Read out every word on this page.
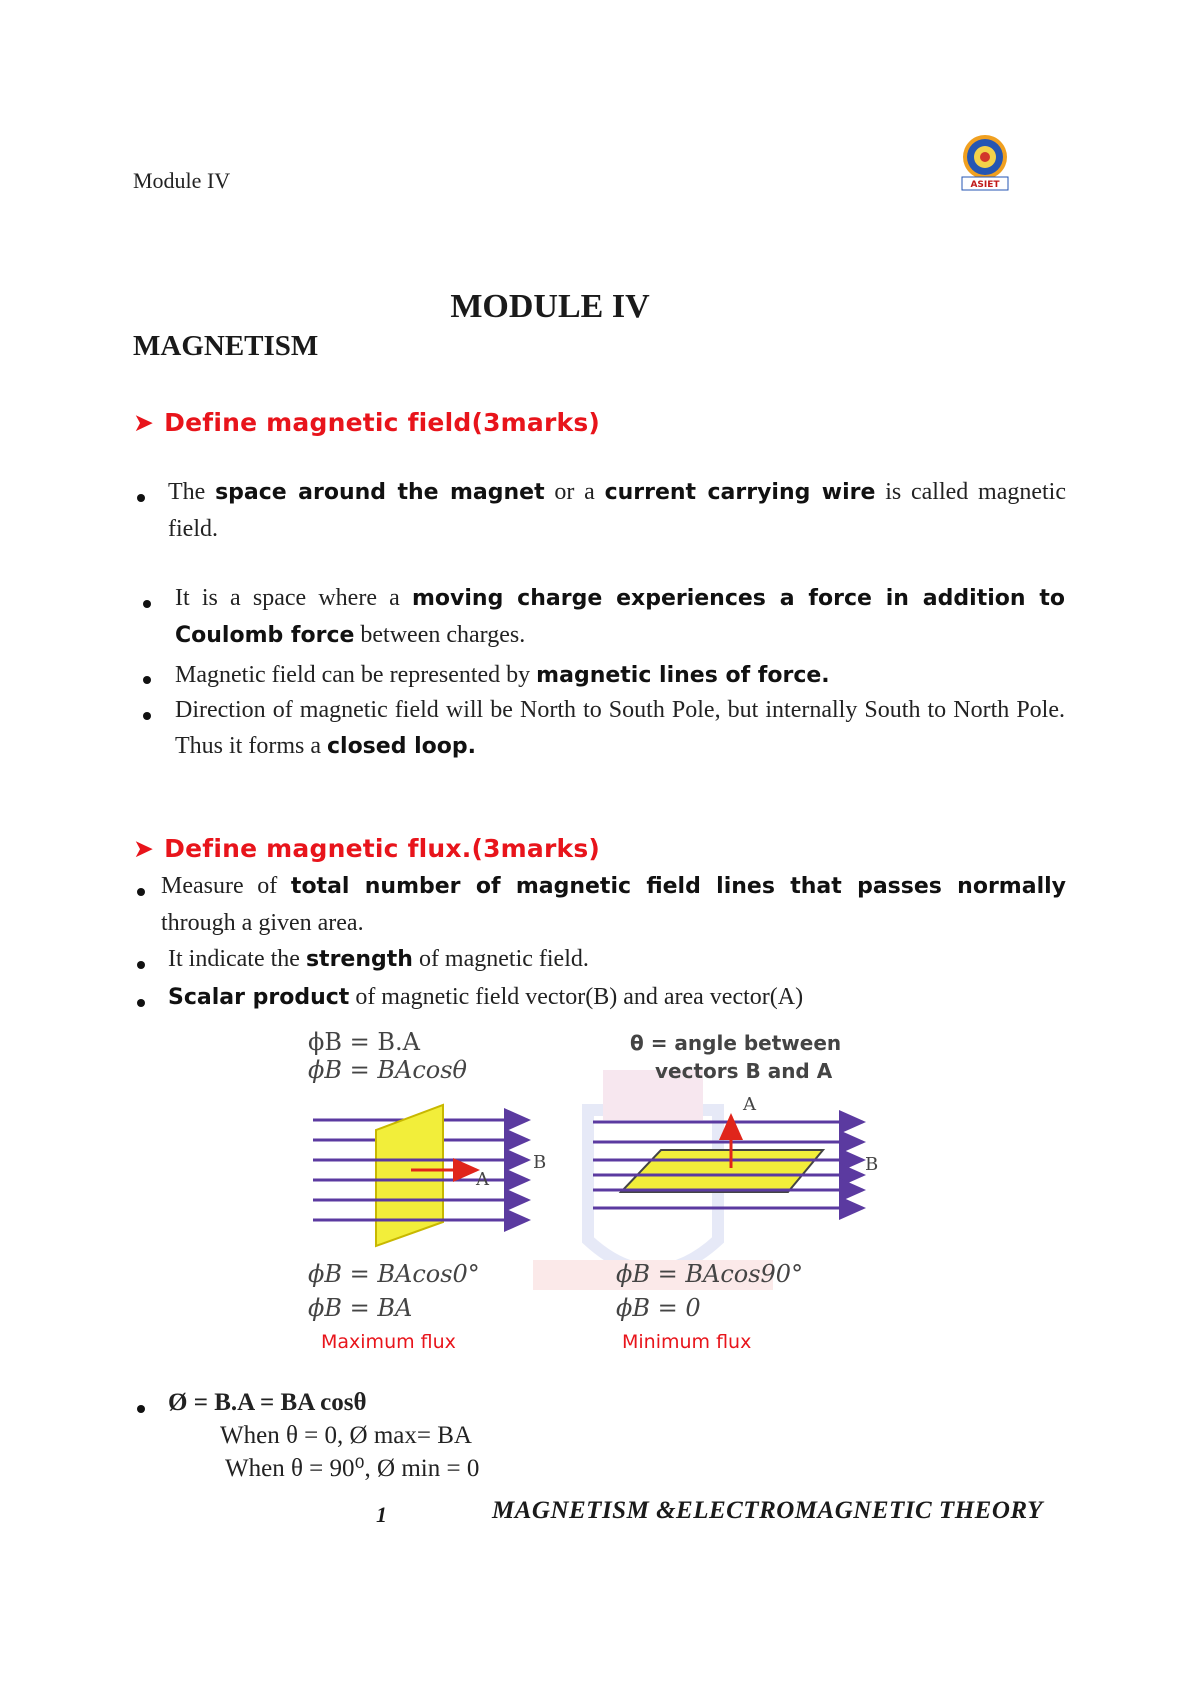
Module IV	ASIET
MODULE IV
MAGNETISM
➤ Define magnetic field(3marks)
The space around the magnet or a current carrying wire is called magnetic field.
It is a space where a moving charge experiences a force in addition to Coulomb force between charges.
Magnetic field can be represented by magnetic lines of force.
Direction of magnetic field will be North to South Pole, but internally South to North Pole. Thus it forms a closed loop.
➤ Define magnetic flux.(3marks)
Measure of total number of magnetic field lines that passes normally through a given area.
It indicate the strength of magnetic field.
Scalar product of magnetic field vector(B) and area vector(A)
ϕB = B.A
ϕB = BAcosθ
θ = angle between
vectors B and A
A
B
A
B
ϕB = BAcos0°
ϕB = BA
Maximum flux
ϕB = BAcos90°
ϕB = 0
Minimum flux
Ø = B.A = BA cosθ
When θ = 0, Ø max= BA
When θ = 90⁰, Ø min = 0
1	MAGNETISM &ELECTROMAGNETIC THEORY
